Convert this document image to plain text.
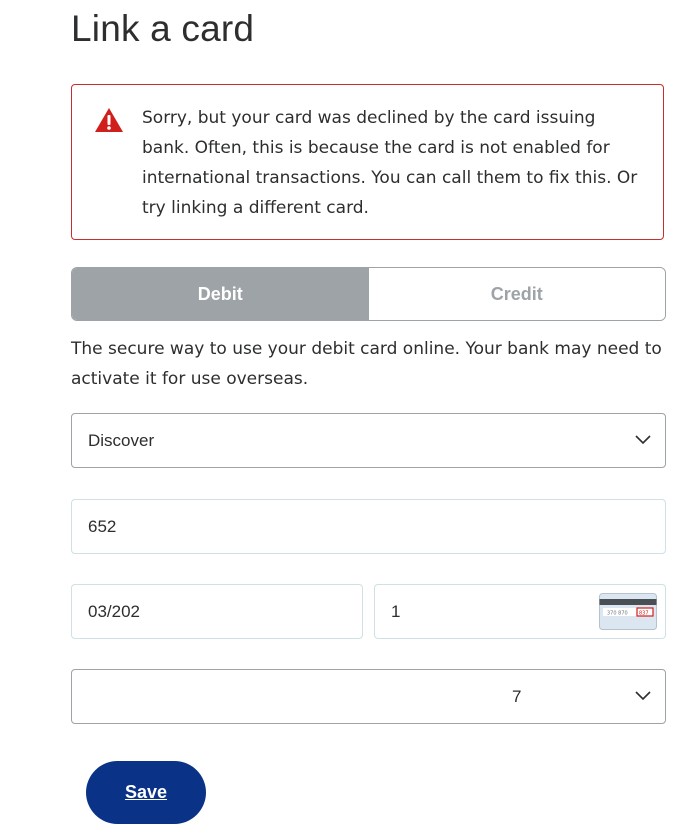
Link a card
Sorry, but your card was declined by the card issuing bank. Often, this is because the card is not enabled for international transactions. You can call them to fix this. Or try linking a different card.
Debit	Credit

The secure way to use your debit card online. Your bank may need to activate it for use overseas.

Discover
652
03/202	1	370 870 837
7
Save
